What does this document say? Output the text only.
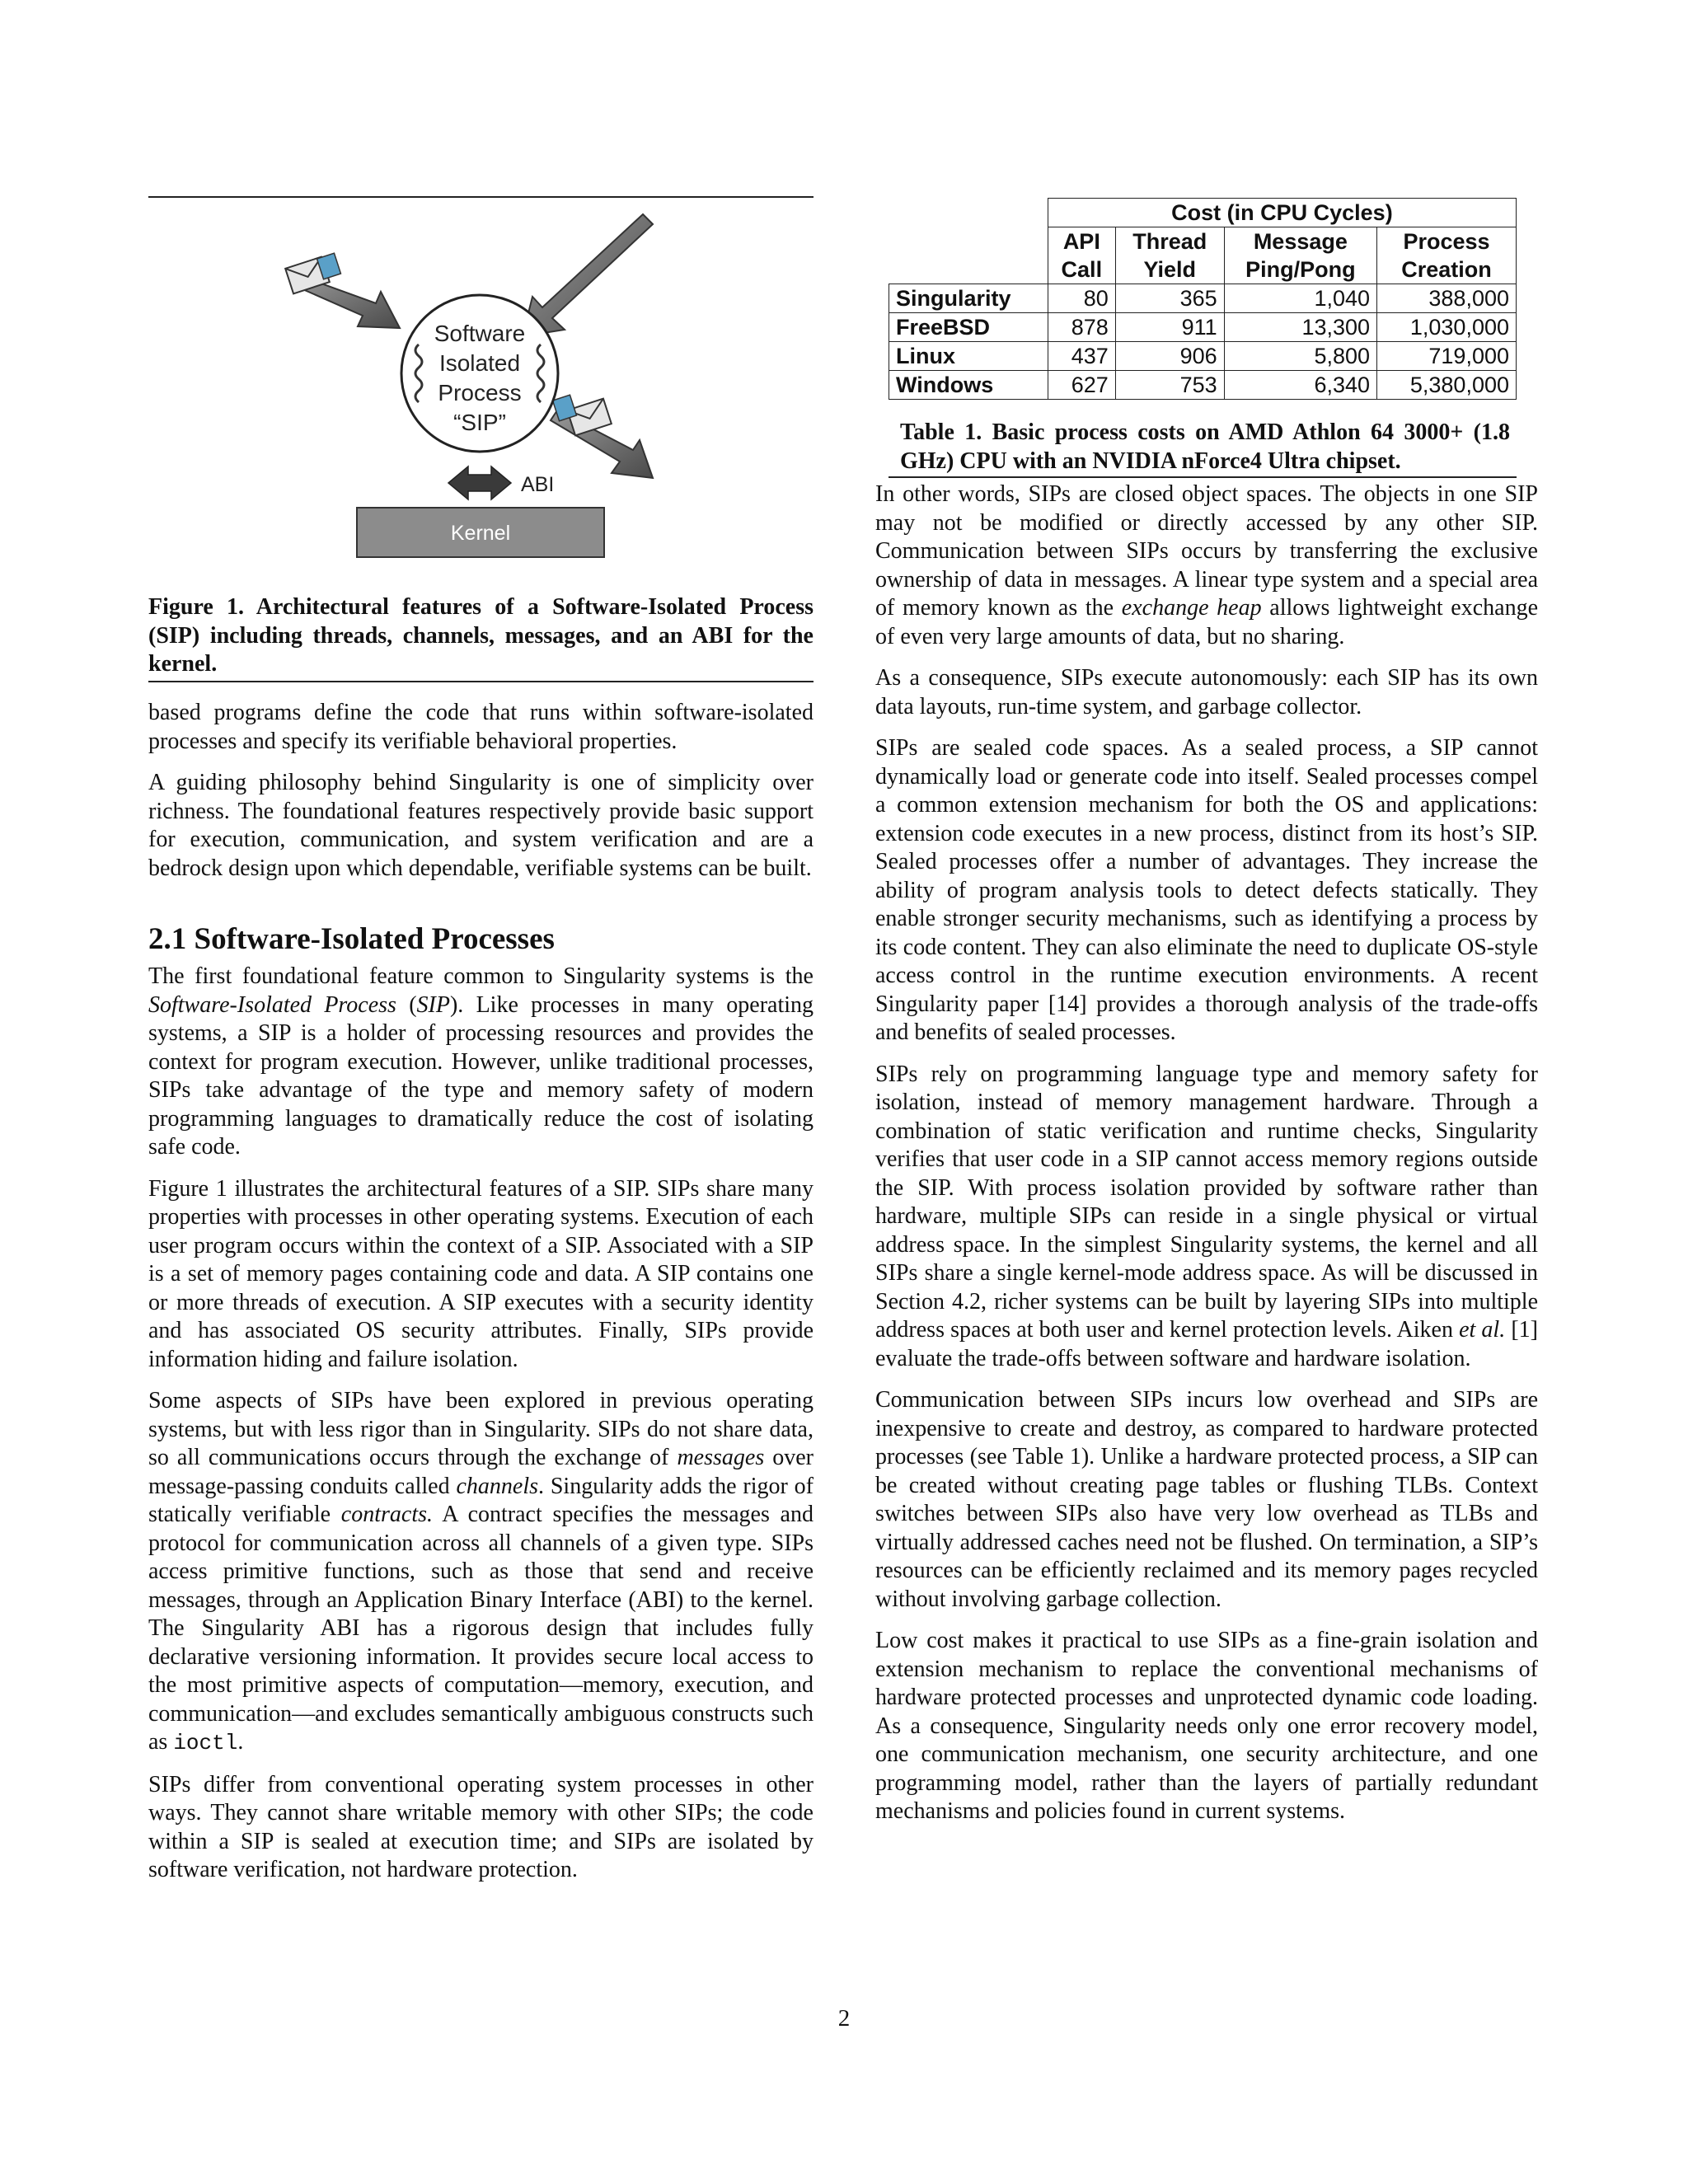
Software
Isolated
Process
“SIP”
ABI
Kernel
Figure 1. Architectural features of a Software-Isolated Process (SIP) including threads, channels, messages, and an ABI for the kernel.

based programs define the code that runs within software-isolated processes and specify its verifiable behavioral properties.

A guiding philosophy behind Singularity is one of simplicity over richness. The foundational features respectively provide basic support for execution, communication, and system verification and are a bedrock design upon which dependable, verifiable systems can be built.

2.1 Software-Isolated Processes

The first foundational feature common to Singularity systems is the Software-Isolated Process (SIP). Like processes in many operating systems, a SIP is a holder of processing resources and provides the context for program execution. However, unlike traditional processes, SIPs take advantage of the type and memory safety of modern programming languages to dramatically reduce the cost of isolating safe code.

Figure 1 illustrates the architectural features of a SIP. SIPs share many properties with processes in other operating systems. Execution of each user program occurs within the context of a SIP. Associated with a SIP is a set of memory pages containing code and data. A SIP contains one or more threads of execution. A SIP executes with a security identity and has associated OS security attributes. Finally, SIPs provide information hiding and failure isolation.

Some aspects of SIPs have been explored in previous operating systems, but with less rigor than in Singularity. SIPs do not share data, so all communications occurs through the exchange of messages over message-passing conduits called channels. Singularity adds the rigor of statically verifiable contracts. A contract specifies the messages and protocol for communication across all channels of a given type. SIPs access primitive functions, such as those that send and receive messages, through an Application Binary Interface (ABI) to the kernel. The Singularity ABI has a rigorous design that includes fully declarative versioning information. It provides secure local access to the most primitive aspects of computation—memory, execution, and communication—and excludes semantically ambiguous constructs such as ioctl.

SIPs differ from conventional operating system processes in other ways. They cannot share writable memory with other SIPs; the code within a SIP is sealed at execution time; and SIPs are isolated by software verification, not hardware protection.

	Cost (in CPU Cycles)			
	API	Thread	Message	Process
	Call	Yield	Ping/Pong	Creation
Singularity	80	365	1,040	388,000
FreeBSD	878	911	13,300	1,030,000
Linux	437	906	5,800	719,000
Windows	627	753	6,340	5,380,000
Table 1. Basic process costs on AMD Athlon 64 3000+ (1.8 GHz) CPU with an NVIDIA nForce4 Ultra chipset.

In other words, SIPs are closed object spaces. The objects in one SIP may not be modified or directly accessed by any other SIP. Communication between SIPs occurs by transferring the exclusive ownership of data in messages. A linear type system and a special area of memory known as the exchange heap allows lightweight exchange of even very large amounts of data, but no sharing.

As a consequence, SIPs execute autonomously: each SIP has its own data layouts, run-time system, and garbage collector.

SIPs are sealed code spaces. As a sealed process, a SIP cannot dynamically load or generate code into itself. Sealed processes compel a common extension mechanism for both the OS and applications: extension code executes in a new process, distinct from its host’s SIP. Sealed processes offer a number of advantages. They increase the ability of program analysis tools to detect defects statically. They enable stronger security mechanisms, such as identifying a process by its code content. They can also eliminate the need to duplicate OS-style access control in the runtime execution environments. A recent Singularity paper [14] provides a thorough analysis of the trade-offs and benefits of sealed processes.

SIPs rely on programming language type and memory safety for isolation, instead of memory management hardware. Through a combination of static verification and runtime checks, Singularity verifies that user code in a SIP cannot access memory regions outside the SIP. With process isolation provided by software rather than hardware, multiple SIPs can reside in a single physical or virtual address space. In the simplest Singularity systems, the kernel and all SIPs share a single kernel-mode address space. As will be discussed in Section 4.2, richer systems can be built by layering SIPs into multiple address spaces at both user and kernel protection levels. Aiken et al. [1] evaluate the trade-offs between software and hardware isolation.

Communication between SIPs incurs low overhead and SIPs are inexpensive to create and destroy, as compared to hardware protected processes (see Table 1). Unlike a hardware protected process, a SIP can be created without creating page tables or flushing TLBs. Context switches between SIPs also have very low overhead as TLBs and virtually addressed caches need not be flushed. On termination, a SIP’s resources can be efficiently reclaimed and its memory pages recycled without involving garbage collection.

Low cost makes it practical to use SIPs as a fine-grain isolation and extension mechanism to replace the conventional mechanisms of hardware protected processes and unprotected dynamic code loading. As a consequence, Singularity needs only one error recovery model, one communication mechanism, one security architecture, and one programming model, rather than the layers of partially redundant mechanisms and policies found in current systems.

2
